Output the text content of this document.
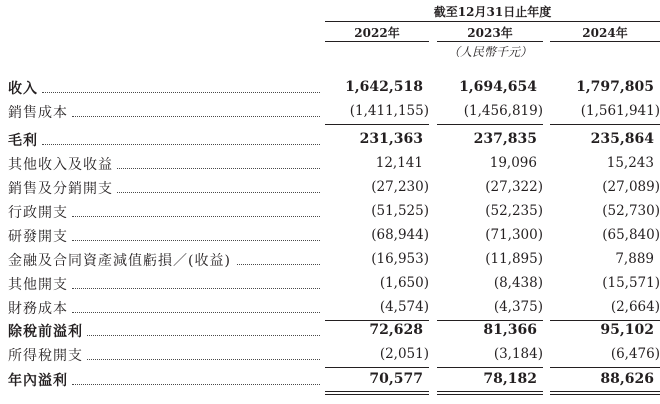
截至12月31日止年度
2022年	2023年	2024年
（人民幣千元）
收入	1,642,518	1,694,654	1,797,805
銷售成本	(1,411,155)	(1,456,819)	(1,561,941)
毛利	231,363	237,835	235,864
其他收入及收益	12,141	19,096	15,243
銷售及分銷開支	(27,230)	(27,322)	(27,089)
行政開支	(51,525)	(52,235)	(52,730)
研發開支	(68,944)	(71,300)	(65,840)
金融及合同資產減值虧損／(收益)	(16,953)	(11,895)	7,889
其他開支	(1,650)	(8,438)	(15,571)
財務成本	(4,574)	(4,375)	(2,664)
除稅前溢利	72,628	81,366	95,102
所得稅開支	(2,051)	(3,184)	(6,476)
年內溢利	70,577	78,182	88,626
